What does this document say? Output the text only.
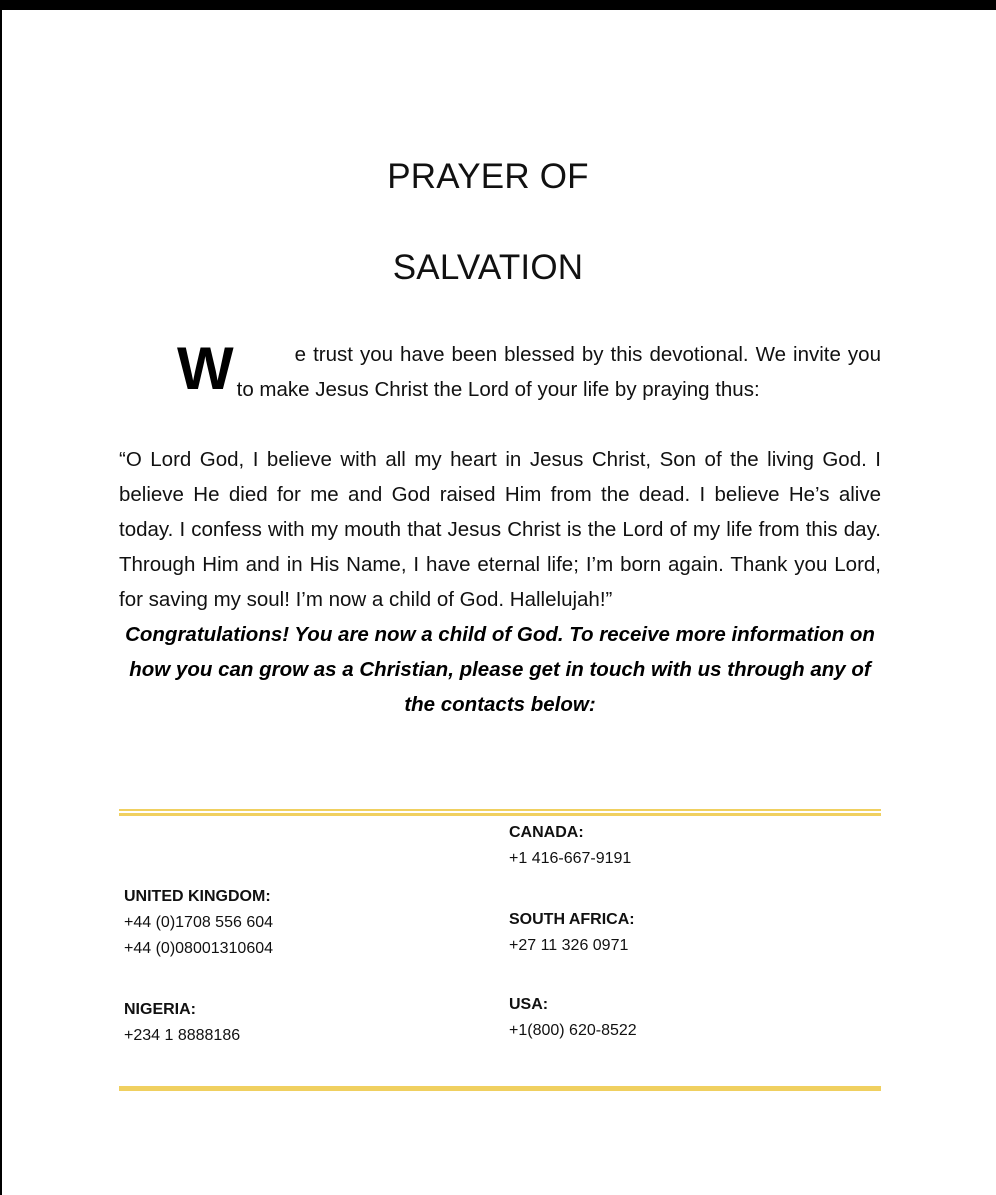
PRAYER OF
SALVATION

W	e trust you have been blessed by this devotional. We invite you to make Jesus Christ the Lord of your life by praying thus:

“O Lord God, I believe with all my heart in Jesus Christ, Son of the living God. I believe He died for me and God raised Him from the dead. I believe He’s alive today. I confess with my mouth that Jesus Christ is the Lord of my life from this day. Through Him and in His Name, I have eternal life; I’m born again. Thank you Lord, for saving my soul! I’m now a child of God. Hallelujah!”

Congratulations! You are now a child of God. To receive more information on how you can grow as a Christian, please get in touch with us through any of the contacts below:

CANADA:
+1 416-667-9191
UNITED KINGDOM:
+44 (0)1708 556 604
+44 (0)08001310604
SOUTH AFRICA:
+27 11 326 0971
NIGERIA:
+234 1 8888186
USA:
+1(800) 620-8522
